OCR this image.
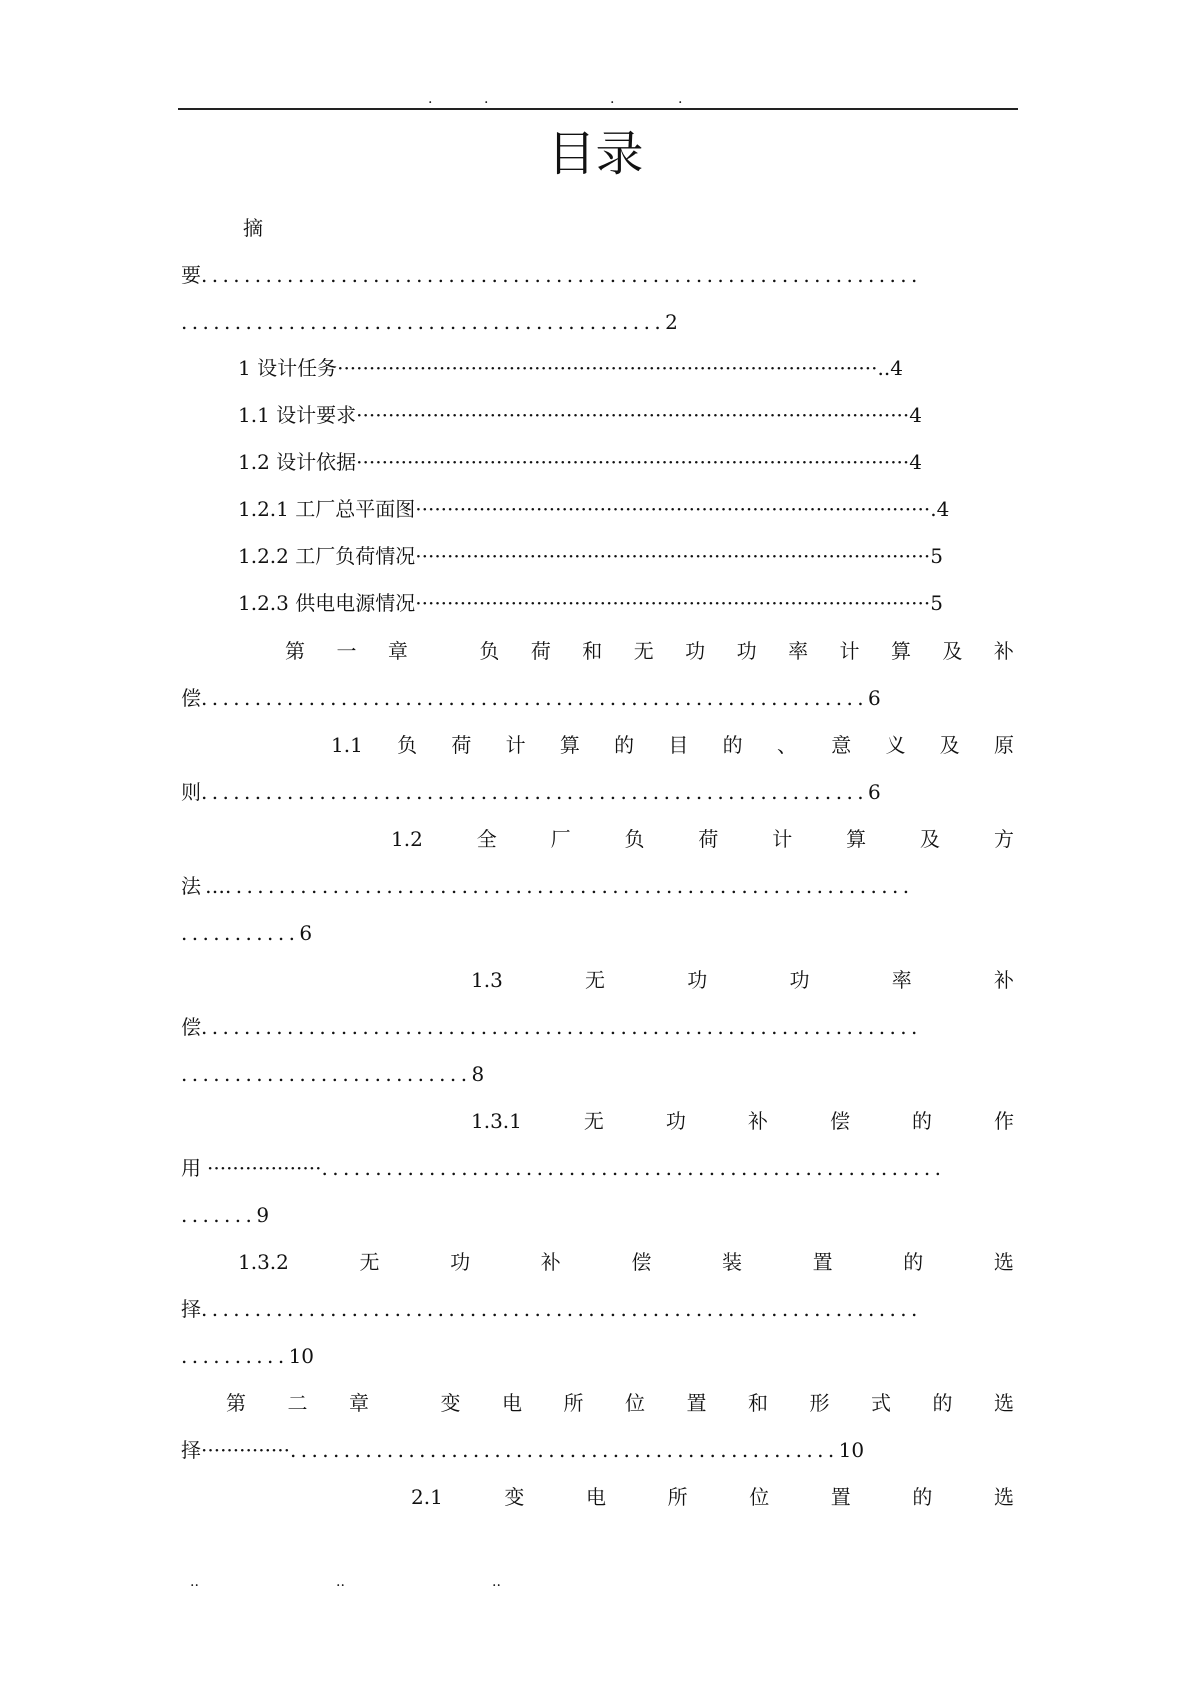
.	.	.	.
目录
摘
要...................................................................
.............................................2
1 设计任务·····················································································..4
1.1 设计要求·······················································································4
1.2 设计依据·······················································································4
1.2.1 工厂总平面图·················································································.4
1.2.2 工厂负荷情况·················································································5
1.2.3 供电电源情况·················································································5
第 一 章	负 荷 和 无 功 功 率 计 算 及 补
偿..............................................................6
1.1 负 荷 计 算 的 目 的 、 意 义 及 原
则..............................................................6
1.2	全	厂	负	荷	计	算	及	方
法 …................................................................
...........6
1.3	无	功	功	率	补
偿...................................................................
...........................8
1.3.1	无	功	补	偿	的	作
用 ··················..........................................................
.......9
1.3.2	无	功	补	偿	装	置	的	选
择...................................................................
..........10
第 二 章	变 电 所 位 置 和 形 式 的 选
择··············...................................................10
2.1	变	电	所	位	置	的	选
..	..	..
